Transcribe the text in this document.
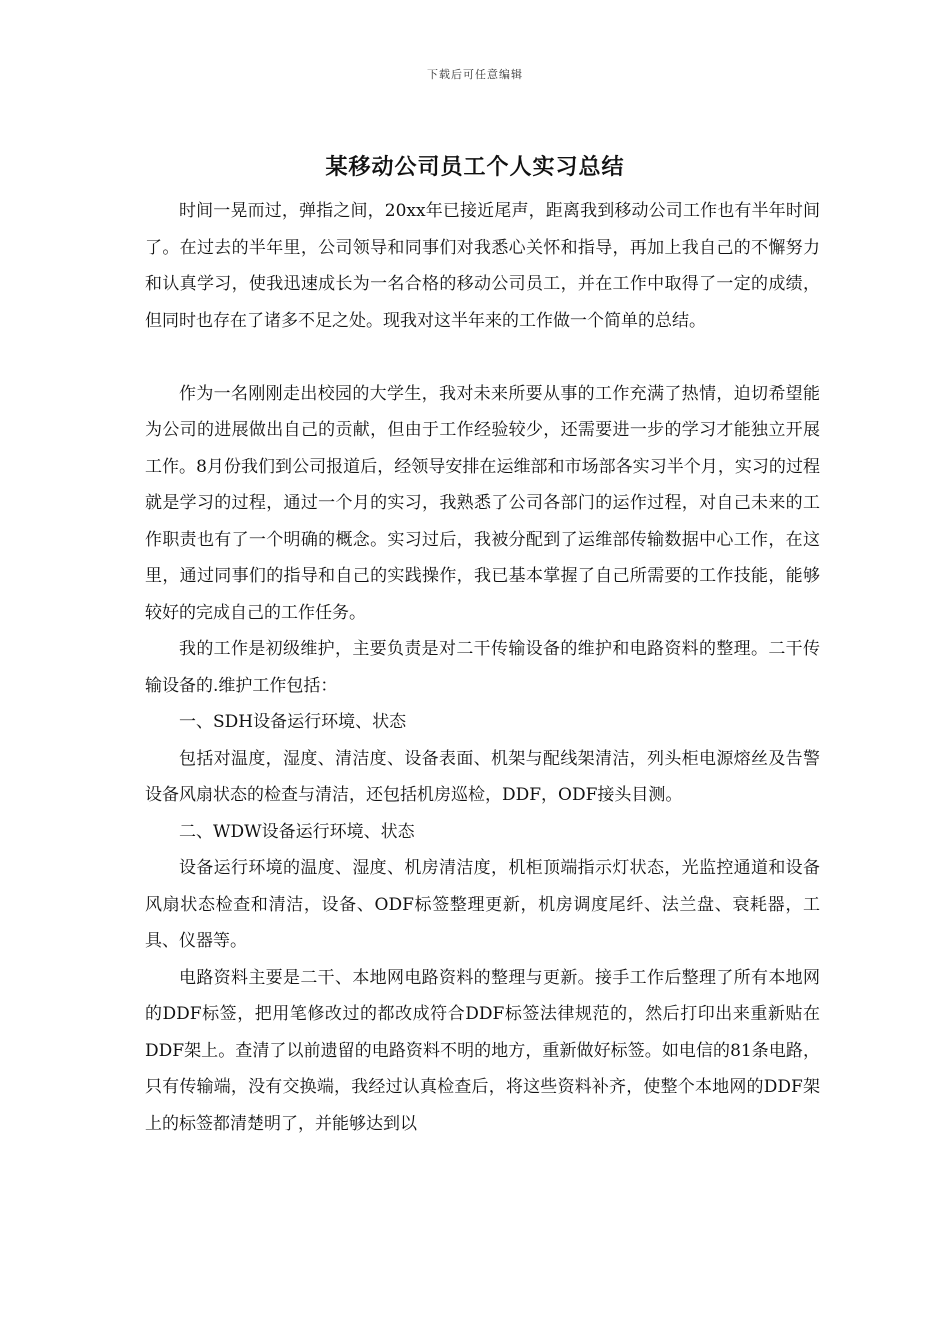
下载后可任意编辑
某移动公司员工个人实习总结

时间一晃而过，弹指之间，20xx年已接近尾声，距离我到移动公司工作也有半年时间了。在过去的半年里，公司领导和同事们对我悉心关怀和指导，再加上我自己的不懈努力和认真学习，使我迅速成长为一名合格的移动公司员工，并在工作中取得了一定的成绩，但同时也存在了诸多不足之处。现我对这半年来的工作做一个简单的总结。

作为一名刚刚走出校园的大学生，我对未来所要从事的工作充满了热情，迫切希望能为公司的进展做出自己的贡献，但由于工作经验较少，还需要进一步的学习才能独立开展工作。8月份我们到公司报道后，经领导安排在运维部和市场部各实习半个月，实习的过程就是学习的过程，通过一个月的实习，我熟悉了公司各部门的运作过程，对自己未来的工作职责也有了一个明确的概念。实习过后，我被分配到了运维部传输数据中心工作，在这里，通过同事们的指导和自己的实践操作，我已基本掌握了自己所需要的工作技能，能够较好的完成自己的工作任务。

我的工作是初级维护，主要负责是对二干传输设备的维护和电路资料的整理。二干传输设备的.维护工作包括：

一、SDH设备运行环境、状态

包括对温度，湿度、清洁度、设备表面、机架与配线架清洁，列头柜电源熔丝及告警设备风扇状态的检查与清洁，还包括机房巡检，DDF，ODF接头目测。

二、WDW设备运行环境、状态

设备运行环境的温度、湿度、机房清洁度，机柜顶端指示灯状态，光监控通道和设备风扇状态检查和清洁，设备、ODF标签整理更新，机房调度尾纤、法兰盘、衰耗器，工具、仪器等。

电路资料主要是二干、本地网电路资料的整理与更新。接手工作后整理了所有本地网的DDF标签，把用笔修改过的都改成符合DDF标签法律规范的，然后打印出来重新贴在DDF架上。查清了以前遗留的电路资料不明的地方，重新做好标签。如电信的81条电路，只有传输端，没有交换端，我经过认真检查后，将这些资料补齐，使整个本地网的DDF架上的标签都清楚明了，并能够达到以
